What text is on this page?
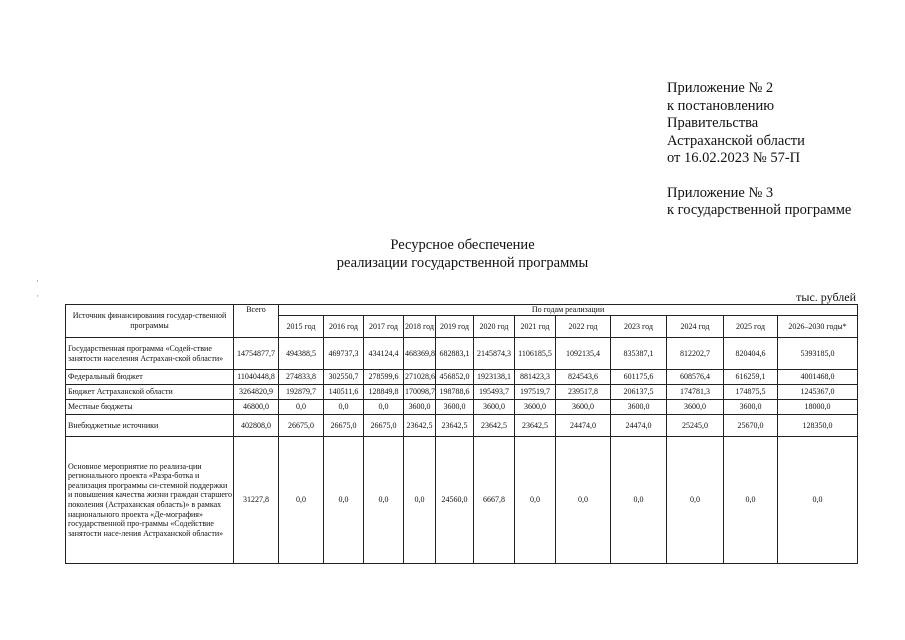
Приложение № 2
к постановлению
Правительства
Астраханской области
от 16.02.2023 № 57-П
Приложение № 3
к государственной программе
Ресурсное обеспечение
реализации государственной программы
·
·	тыс. рублей
Источник финансирования государ-ственной программы	Всего	По годам реализации											
		2015 год	2016 год	2017 год	2018 год	2019 год	2020 год	2021 год	2022 год	2023 год	2024 год	2025 год	2026–2030 годы*
Государственная программа «Содей-ствие занятости населения Астрахан-ской области»	14754877,7	494388,5	469737,3	434124,4	468369,8	682883,1	2145874,3	1106185,5	1092135,4	835387,1	812202,7	820404,6	5393185,0
Федеральный бюджет	11040448,8	274833,8	302550,7	278599,6	271028,6	456852,0	1923138,1	881423,3	824543,6	601175,6	608576,4	616259,1	4001468,0
Бюджет Астраханской области	3264820,9	192879,7	140511,6	128849,8	170098,7	198788,6	195493,7	197519,7	239517,8	206137,5	174781,3	174875,5	1245367,0
Местные бюджеты	46800,0	0,0	0,0	0,0	3600,0	3600,0	3600,0	3600,0	3600,0	3600,0	3600,0	3600,0	18000,0
Внебюджетные источники	402808,0	26675,0	26675,0	26675,0	23642,5	23642,5	23642,5	23642,5	24474,0	24474,0	25245,0	25670,0	128350,0
Основное мероприятие по реализа-ции регионального проекта «Разра-ботка и реализация программы си-стемной поддержки и повышения качества жизни граждан старшего поколения (Астраханская область)» в рамках национального проекта «Де-мография» государственной про-граммы «Содействие занятости насе-ления Астраханской области»	31227,8	0,0	0,0	0,0	0,0	24560,0	6667,8	0,0	0,0	0,0	0,0	0,0	0,0
